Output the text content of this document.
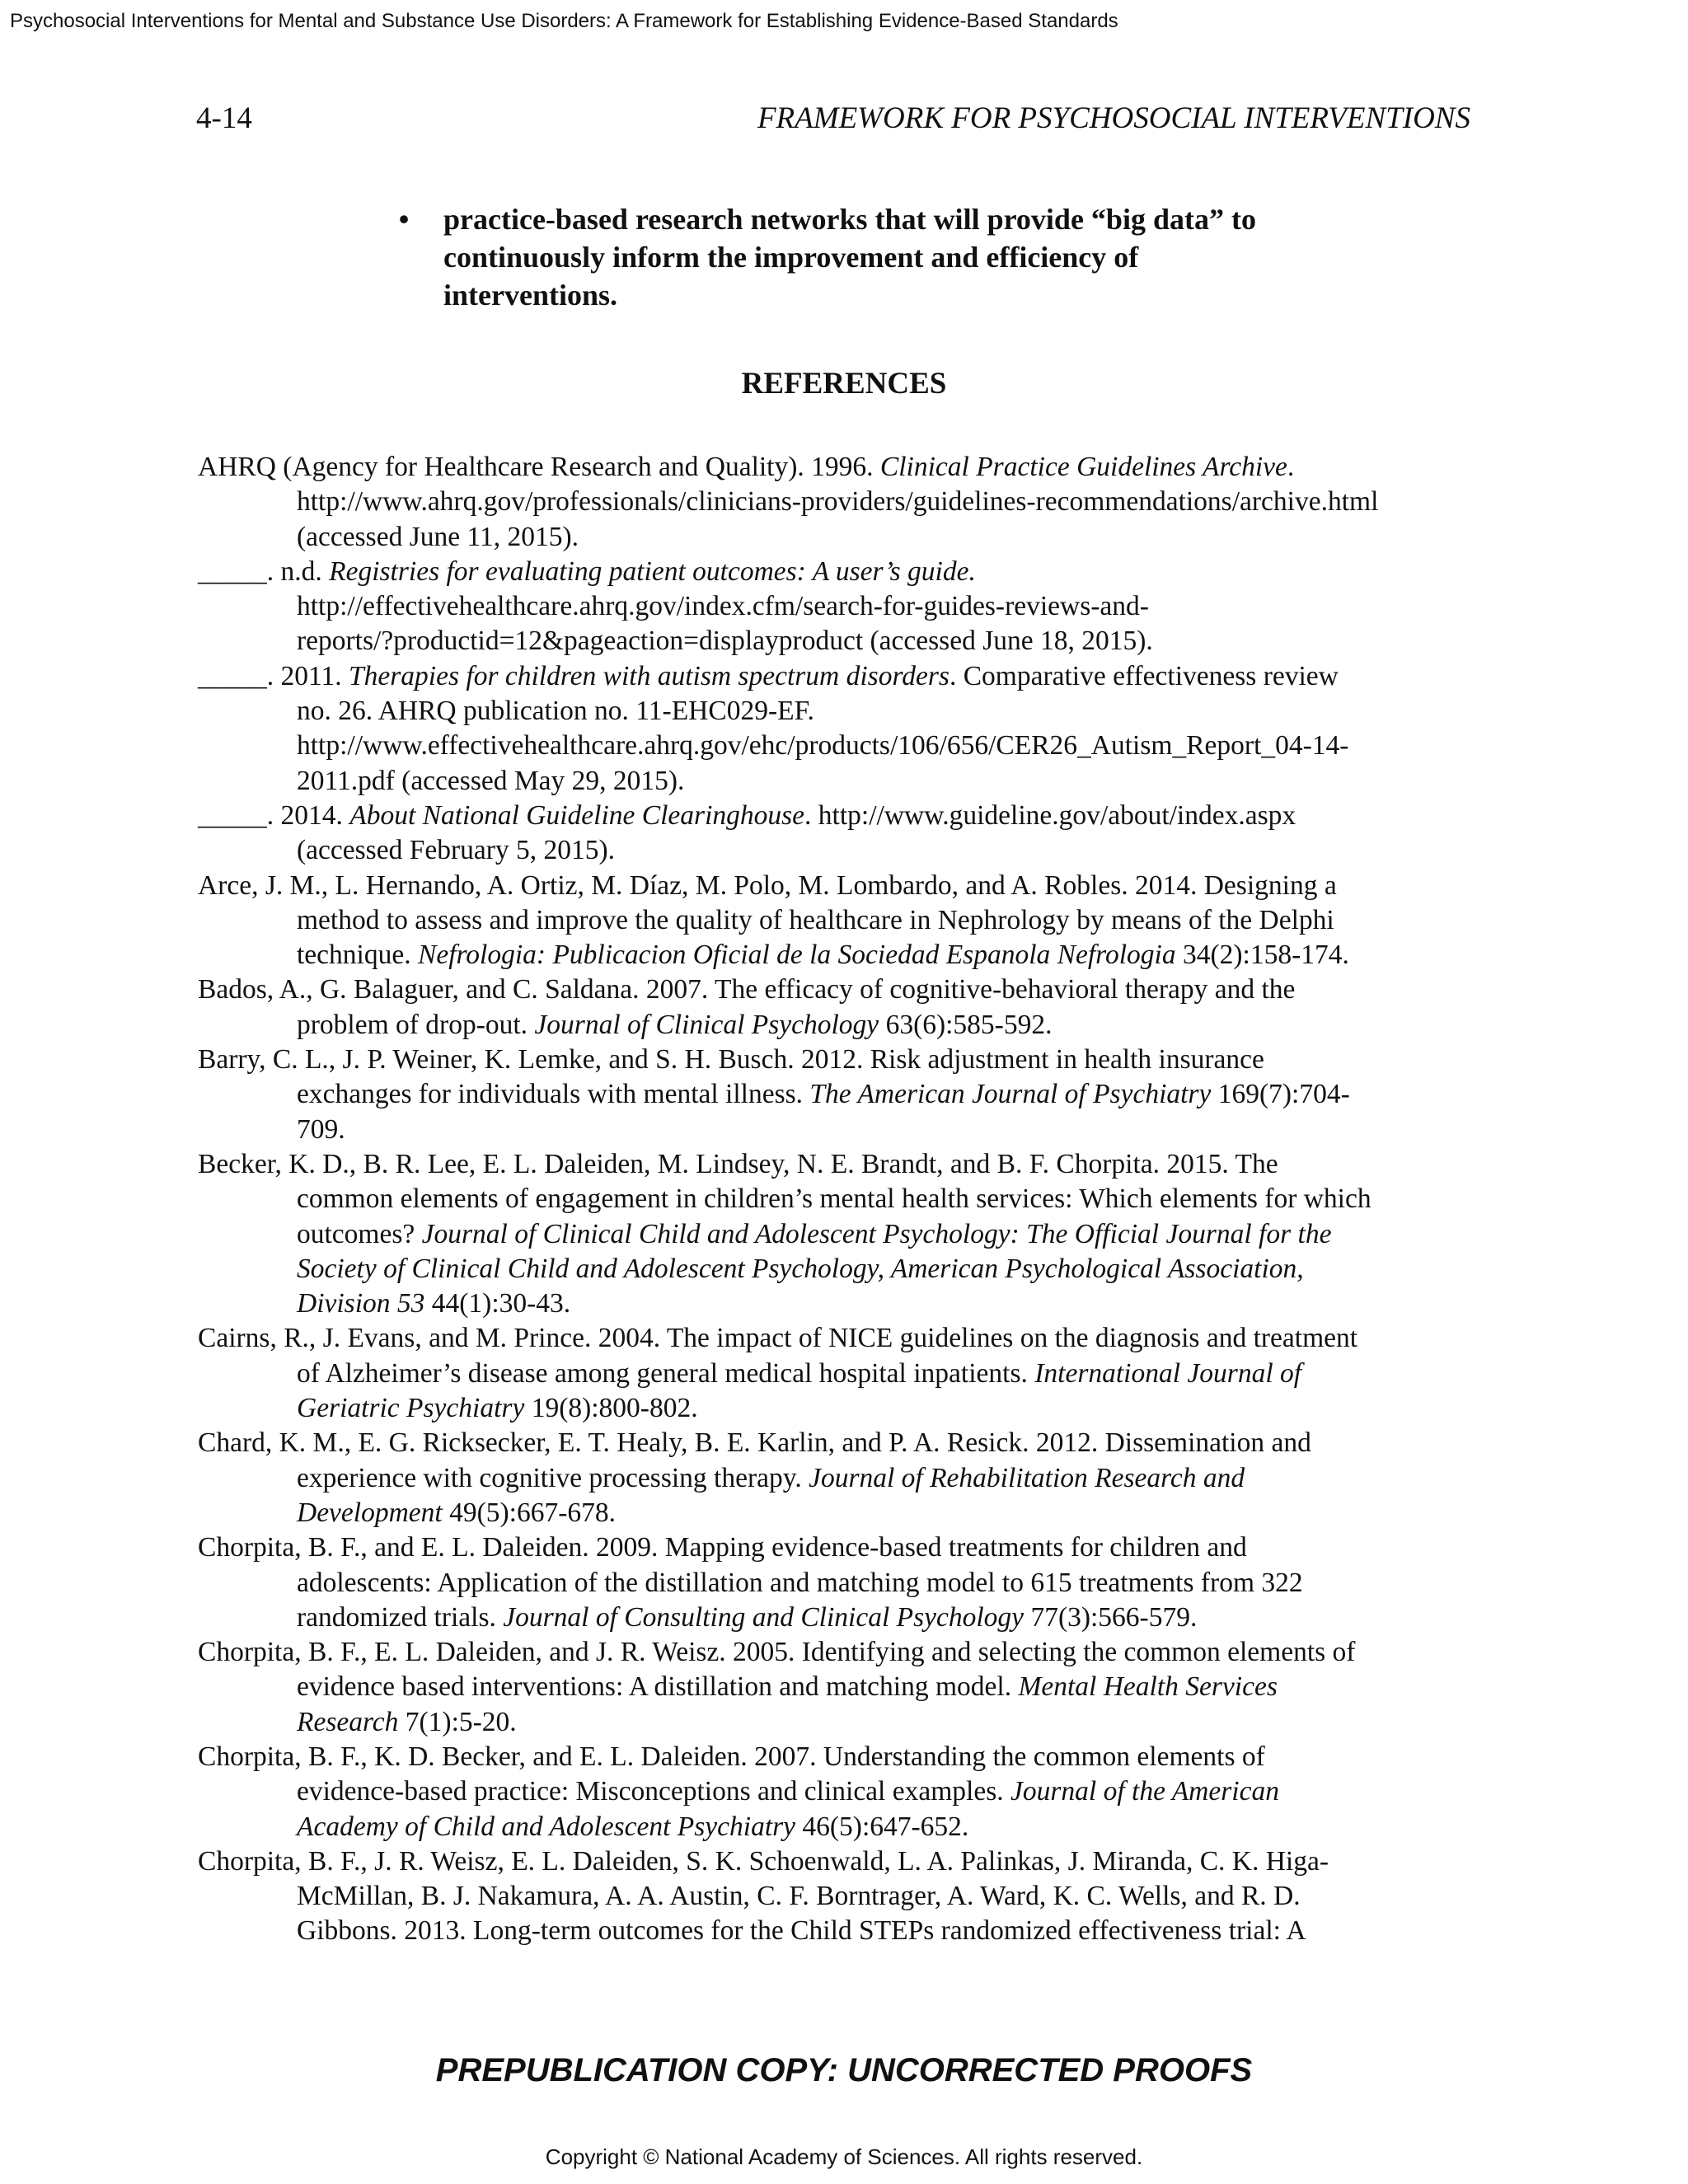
Psychosocial Interventions for Mental and Substance Use Disorders: A Framework for Establishing Evidence-Based Standards
4-14	FRAMEWORK FOR PSYCHOSOCIAL INTERVENTIONS
• practice-based research networks that will provide “big data” to
continuously inform the improvement and efficiency of
interventions.
REFERENCES
AHRQ (Agency for Healthcare Research and Quality). 1996. Clinical Practice Guidelines Archive.
http://www.ahrq.gov/professionals/clinicians-providers/guidelines-recommendations/archive.html
(accessed June 11, 2015).
_____. n.d. Registries for evaluating patient outcomes: A user’s guide.
http://effectivehealthcare.ahrq.gov/index.cfm/search-for-guides-reviews-and-
reports/?productid=12&pageaction=displayproduct (accessed June 18, 2015).
_____. 2011. Therapies for children with autism spectrum disorders. Comparative effectiveness review
no. 26. AHRQ publication no. 11-EHC029-EF.
http://www.effectivehealthcare.ahrq.gov/ehc/products/106/656/CER26_Autism_Report_04-14-
2011.pdf (accessed May 29, 2015).
_____. 2014. About National Guideline Clearinghouse. http://www.guideline.gov/about/index.aspx
(accessed February 5, 2015).
Arce, J. M., L. Hernando, A. Ortiz, M. Díaz, M. Polo, M. Lombardo, and A. Robles. 2014. Designing a
method to assess and improve the quality of healthcare in Nephrology by means of the Delphi
technique. Nefrologia: Publicacion Oficial de la Sociedad Espanola Nefrologia 34(2):158-174.
Bados, A., G. Balaguer, and C. Saldana. 2007. The efficacy of cognitive-behavioral therapy and the
problem of drop-out. Journal of Clinical Psychology 63(6):585-592.
Barry, C. L., J. P. Weiner, K. Lemke, and S. H. Busch. 2012. Risk adjustment in health insurance
exchanges for individuals with mental illness. The American Journal of Psychiatry 169(7):704-
709.
Becker, K. D., B. R. Lee, E. L. Daleiden, M. Lindsey, N. E. Brandt, and B. F. Chorpita. 2015. The
common elements of engagement in children’s mental health services: Which elements for which
outcomes? Journal of Clinical Child and Adolescent Psychology: The Official Journal for the
Society of Clinical Child and Adolescent Psychology, American Psychological Association,
Division 53 44(1):30-43.
Cairns, R., J. Evans, and M. Prince. 2004. The impact of NICE guidelines on the diagnosis and treatment
of Alzheimer’s disease among general medical hospital inpatients. International Journal of
Geriatric Psychiatry 19(8):800-802.
Chard, K. M., E. G. Ricksecker, E. T. Healy, B. E. Karlin, and P. A. Resick. 2012. Dissemination and
experience with cognitive processing therapy. Journal of Rehabilitation Research and
Development 49(5):667-678.
Chorpita, B. F., and E. L. Daleiden. 2009. Mapping evidence-based treatments for children and
adolescents: Application of the distillation and matching model to 615 treatments from 322
randomized trials. Journal of Consulting and Clinical Psychology 77(3):566-579.
Chorpita, B. F., E. L. Daleiden, and J. R. Weisz. 2005. Identifying and selecting the common elements of
evidence based interventions: A distillation and matching model. Mental Health Services
Research 7(1):5-20.
Chorpita, B. F., K. D. Becker, and E. L. Daleiden. 2007. Understanding the common elements of
evidence-based practice: Misconceptions and clinical examples. Journal of the American
Academy of Child and Adolescent Psychiatry 46(5):647-652.
Chorpita, B. F., J. R. Weisz, E. L. Daleiden, S. K. Schoenwald, L. A. Palinkas, J. Miranda, C. K. Higa-
McMillan, B. J. Nakamura, A. A. Austin, C. F. Borntrager, A. Ward, K. C. Wells, and R. D.
Gibbons. 2013. Long-term outcomes for the Child STEPs randomized effectiveness trial: A
PREPUBLICATION COPY: UNCORRECTED PROOFS
Copyright © National Academy of Sciences. All rights reserved.
